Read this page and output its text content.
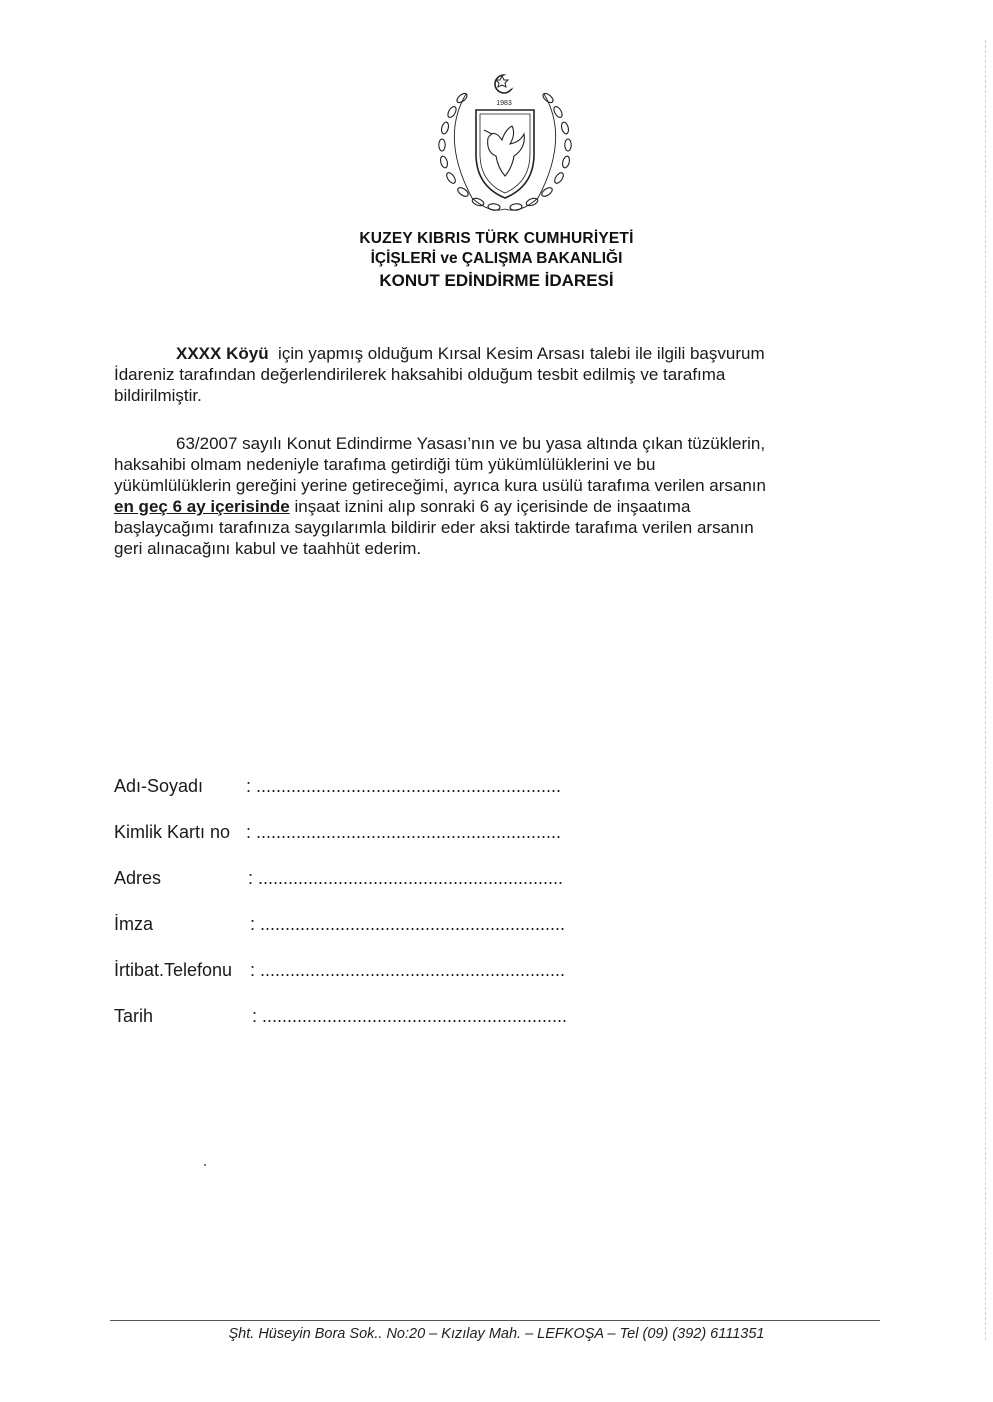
1983
KUZEY KIBRIS TÜRK CUMHURİYETİ
İÇİŞLERİ ve ÇALIŞMA BAKANLIĞI
KONUT EDİNDİRME İDARESİ
XXXX Köyü  için yapmış olduğum Kırsal Kesim Arsası talebi ile ilgili başvurum
İdareniz tarafından değerlendirilerek haksahibi olduğum tesbit edilmiş ve tarafıma
bildirilmiştir.
63/2007 sayılı Konut Edindirme Yasası’nın ve bu yasa altında çıkan tüzüklerin,
haksahibi olmam nedeniyle tarafıma getirdiği tüm yükümlülüklerini ve bu
yükümlülüklerin gereğini yerine getireceğimi, ayrıca kura usülü tarafıma verilen arsanın
en geç 6 ay içerisinde inşaat iznini alıp sonraki 6 ay içerisinde de inşaatıma
başlaycağımı tarafınıza saygılarımla bildirir eder aksi taktirde tarafıma verilen arsanın
geri alınacağını kabul ve taahhüt ederim.
Adı-Soyadı : .............................................................
Kimlik Kartı no : .............................................................
Adres	: .............................................................
İmza	: .............................................................
İrtibat.Telefonu : .............................................................
Tarih	: .............................................................
Şht. Hüseyin Bora Sok.. No:20 – Kızılay Mah. – LEFKOŞA – Tel (09) (392) 6111351
